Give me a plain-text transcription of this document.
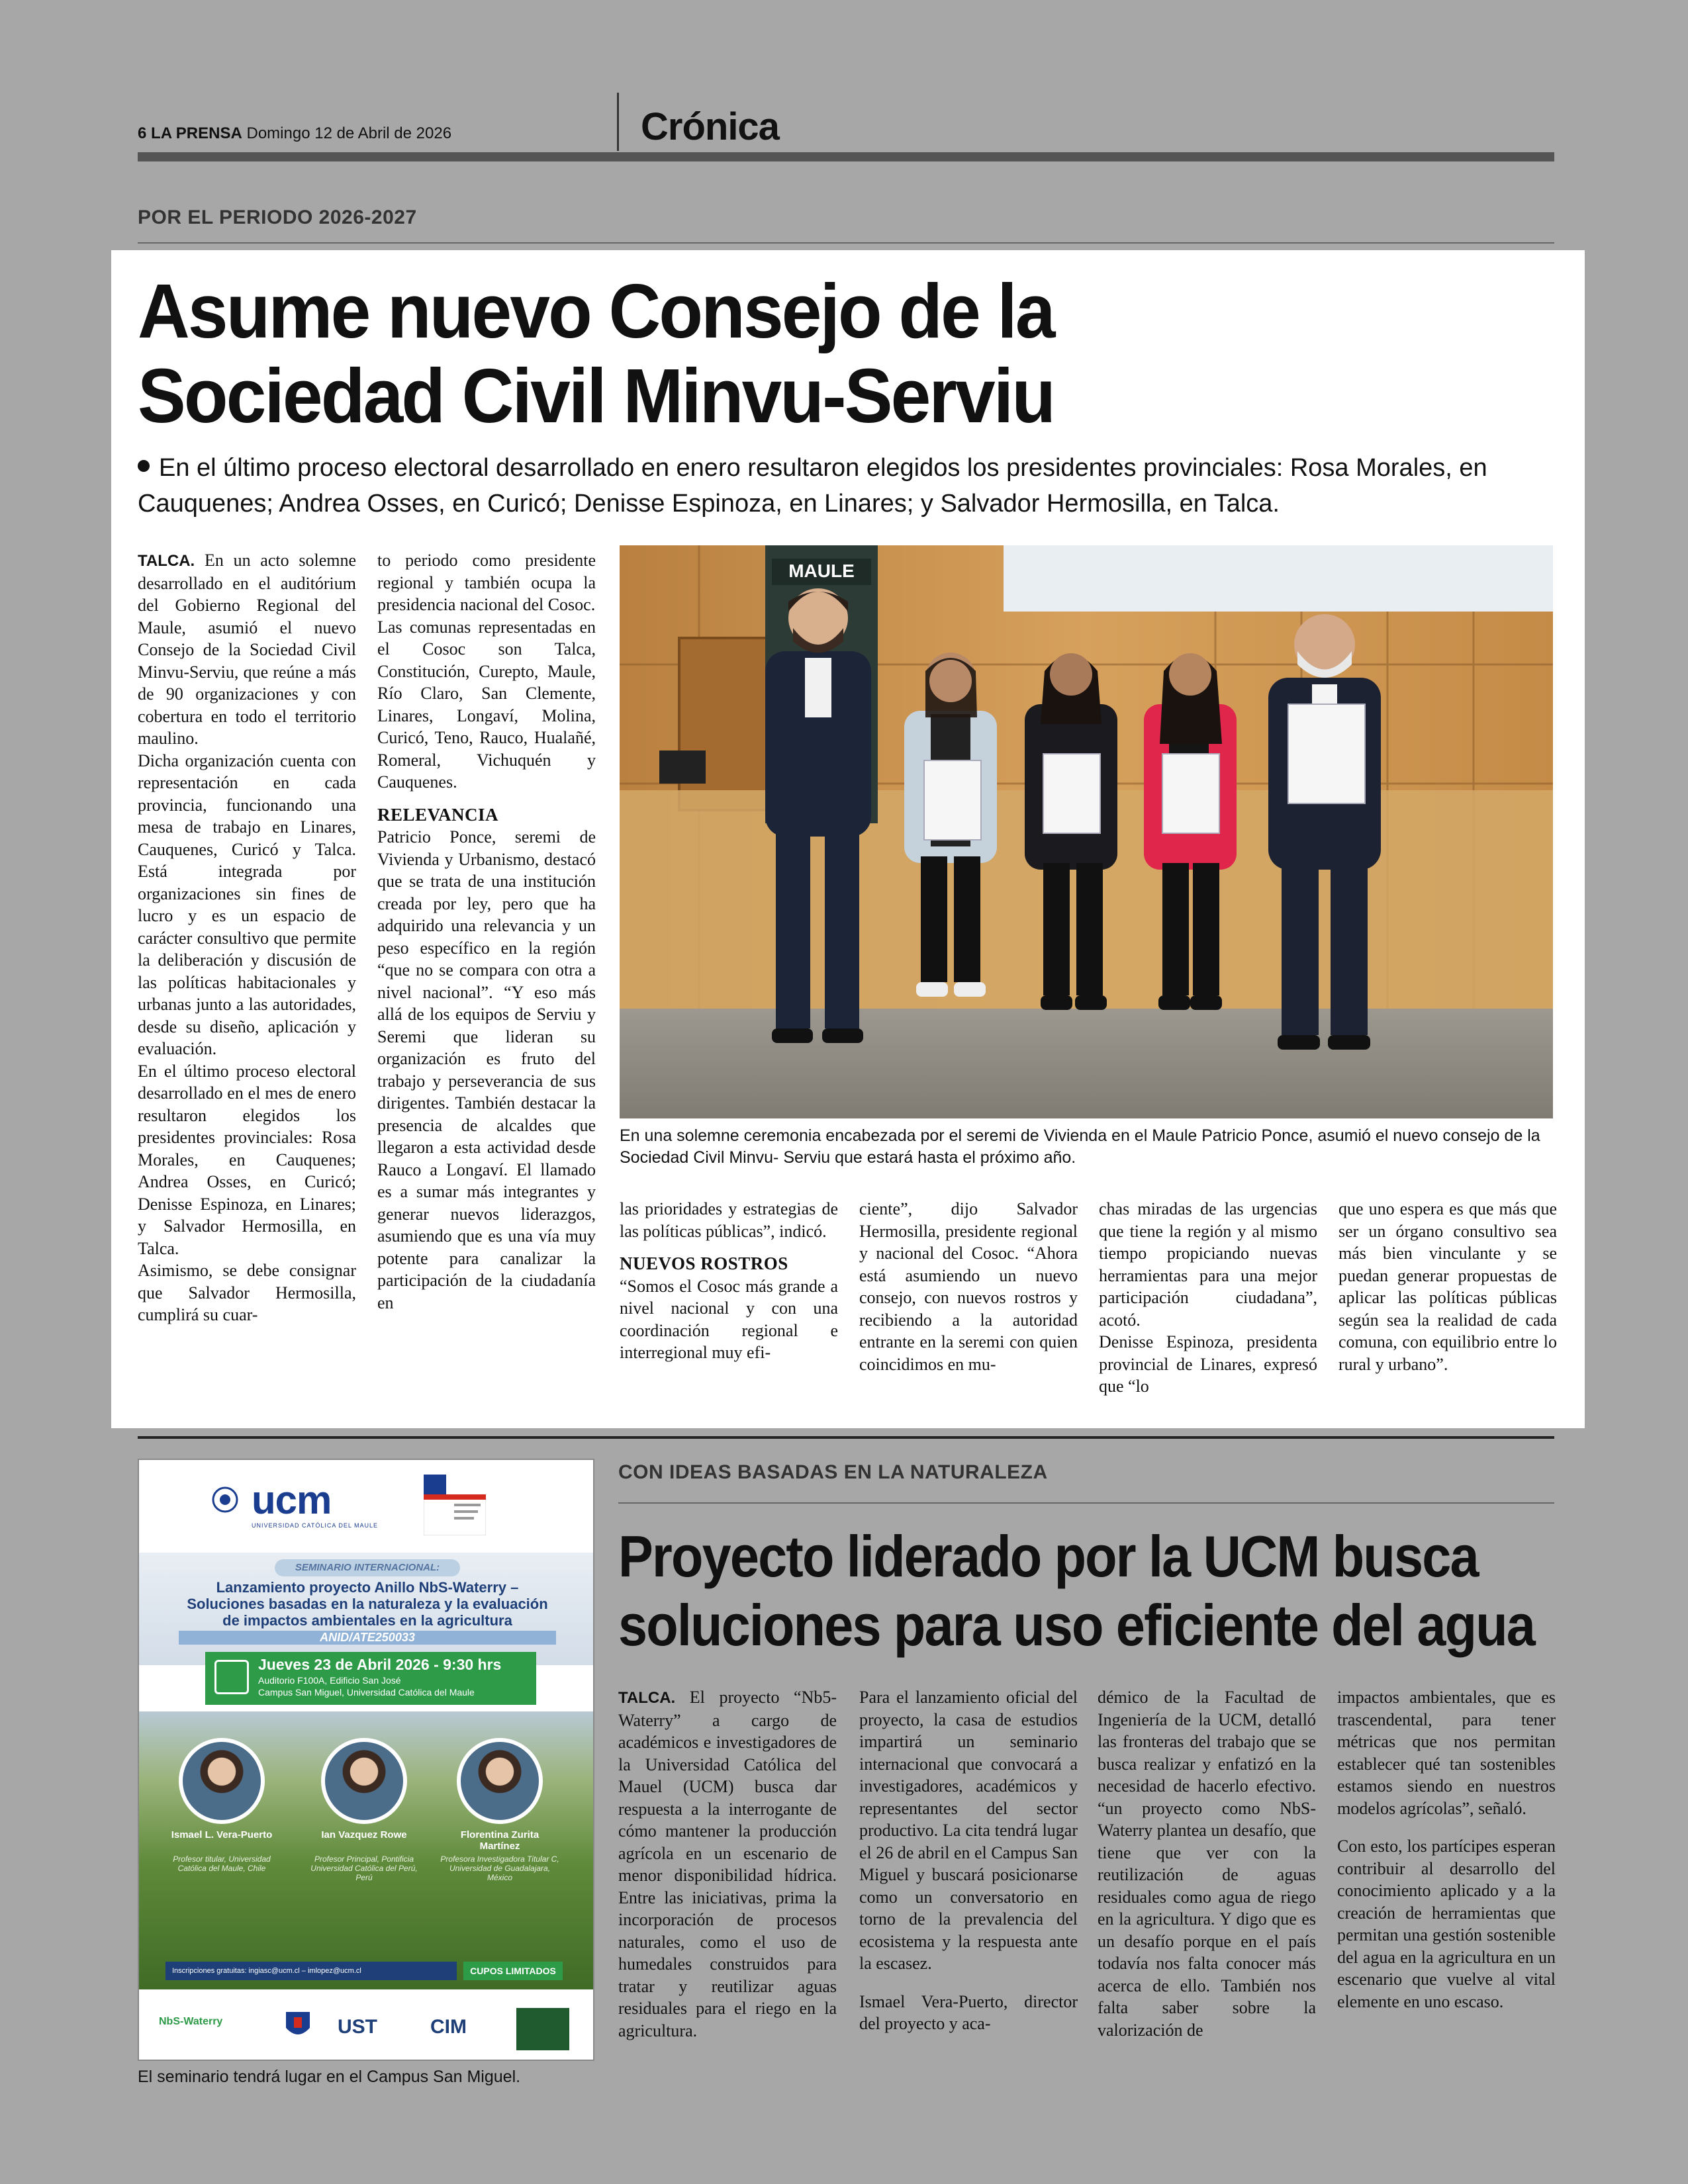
6 LA PRENSA Domingo 12 de Abril de 2026	Crónica
POR EL PERIODO 2026-2027
Asume nuevo Consejo de la
Sociedad Civil Minvu-Serviu
En el último proceso electoral desarrollado en enero resultaron elegidos los presidentes provinciales: Rosa Morales, en Cauquenes; Andrea Osses, en Curicó; Denisse Espinoza, en Linares; y Salvador Hermosilla, en Talca.

TALCA. En un acto solemne desarrollado en el auditórium del Gobierno Regional del Maule, asumió el nuevo Consejo de la Sociedad Civil Minvu-Serviu, que reúne a más de 90 organizaciones y con cobertura en todo el territorio maulino.

Dicha organización cuenta con representación en cada provincia, funcionando una mesa de trabajo en Linares, Cauquenes, Curicó y Talca. Está integrada por organizaciones sin fines de lucro y es un espacio de carácter consultivo que permite la deliberación y discusión de las políticas habitacionales y urbanas junto a las autoridades, desde su diseño, aplicación y evaluación.

En el último proceso electoral desarrollado en el mes de enero resultaron elegidos los presidentes provinciales: Rosa Morales, en Cauquenes; Andrea Osses, en Curicó; Denisse Espinoza, en Linares; y Salvador Hermosilla, en Talca.

Asimismo, se debe consignar que Salvador Hermosilla, cumplirá su cuar-

to periodo como presidente regional y también ocupa la presidencia nacional del Cosoc.

Las comunas representadas en el Cosoc son Talca, Constitución, Curepto, Maule, Río Claro, San Clemente, Linares, Longaví, Molina, Curicó, Teno, Rauco, Hualañé, Romeral, Vichuquén y Cauquenes.

RELEVANCIA

Patricio Ponce, seremi de Vivienda y Urbanismo, destacó que se trata de una institución creada por ley, pero que ha adquirido una relevancia y un peso específico en la región “que no se compara con otra a nivel nacional”. “Y eso más allá de los equipos de Serviu y Seremi que lideran su organización es fruto del trabajo y perseverancia de sus dirigentes. También destacar la presencia de alcaldes que llegaron a esta actividad desde Rauco a Longaví. El llamado es a sumar más integrantes y generar nuevos liderazgos, asumiendo que es una vía muy potente para canalizar la participación de la ciudadanía en

MAULE
En una solemne ceremonia encabezada por el seremi de Vivienda en el Maule Patricio Ponce, asumió el nuevo consejo de la Sociedad Civil Minvu- Serviu que estará hasta el próximo año.

las prioridades y estrategias de las políticas públicas”, indicó.

NUEVOS ROSTROS

“Somos el Cosoc más grande a nivel nacional y con una coordinación regional e interregional muy efi-

ciente”, dijo Salvador Hermosilla, presidente regional y nacional del Cosoc. “Ahora está asumiendo un nuevo consejo, con nuevos rostros y recibiendo a la autoridad entrante en la seremi con quien coincidimos en mu-

chas miradas de las urgencias que tiene la región y al mismo tiempo propiciando nuevas herramientas para una mejor participación ciudadana”, acotó.

Denisse Espinoza, presidenta provincial de Linares, expresó que “lo

que uno espera es que más que ser un órgano consultivo sea más bien vinculante y se puedan generar propuestas de aplicar las políticas públicas según sea la realidad de cada comuna, con equilibrio entre lo rural y urbano”.

ucm
UNIVERSIDAD CATÓLICA DEL MAULE
SEMINARIO INTERNACIONAL:
Lanzamiento proyecto Anillo NbS-Waterry – Soluciones basadas en la naturaleza y la evaluación de impactos ambientales en la agricultura
ANID/ATE250033
Jueves 23 de Abril 2026 - 9:30 hrs
Auditorio F100A, Edificio San José
Campus San Miguel, Universidad Católica del Maule
Ismael L. Vera-Puerto
Profesor titular, Universidad Católica del Maule, Chile
Ian Vazquez Rowe
Profesor Principal, Pontificia Universidad Católica del Perú, Perú
Florentina Zurita Martínez
Profesora Investigadora Titular C, Universidad de Guadalajara, México
Inscripciones gratuitas: ingiasc@ucm.cl – imlopez@ucm.cl	CUPOS LIMITADOS
NbS-Waterry	UST	CIM
El seminario tendrá lugar en el Campus San Miguel.
CON IDEAS BASADAS EN LA NATURALEZA
Proyecto liderado por la UCM busca
soluciones para uso eficiente del agua

TALCA. El proyecto “Nb5-Waterry” a cargo de académicos e investigadores de la Universidad Católica del Mauel (UCM) busca dar respuesta a la interrogante de cómo mantener la producción agrícola en un escenario de menor disponibilidad hídrica. Entre las iniciativas, prima la incorporación de procesos naturales, como el uso de humedales construidos para tratar y reutilizar aguas residuales para el riego en la agricultura.

Para el lanzamiento oficial del proyecto, la casa de estudios impartirá un seminario internacional que convocará a investigadores, académicos y representantes del sector productivo. La cita tendrá lugar el 26 de abril en el Campus San Miguel y buscará posicionarse como un conversatorio en torno de la prevalencia del ecosistema y la respuesta ante la escasez.

Ismael Vera-Puerto, director del proyecto y aca-

démico de la Facultad de Ingeniería de la UCM, detalló las fronteras del trabajo que se busca realizar y enfatizó en la necesidad de hacerlo efectivo. “un proyecto como NbS-Waterry plantea un desafío, que tiene que ver con la reutilización de aguas residuales como agua de riego en la agricultura. Y digo que es un desafío porque en el país todavía nos falta conocer más acerca de ello. También nos falta saber sobre la valorización de

impactos ambientales, que es trascendental, para tener métricas que nos permitan establecer qué tan sostenibles estamos siendo en nuestros modelos agrícolas”, señaló.

Con esto, los partícipes esperan contribuir al desarrollo del conocimiento aplicado y a la creación de herramientas que permitan una gestión sostenible del agua en la agricultura en un escenario que vuelve al vital elemente en uno escaso.
